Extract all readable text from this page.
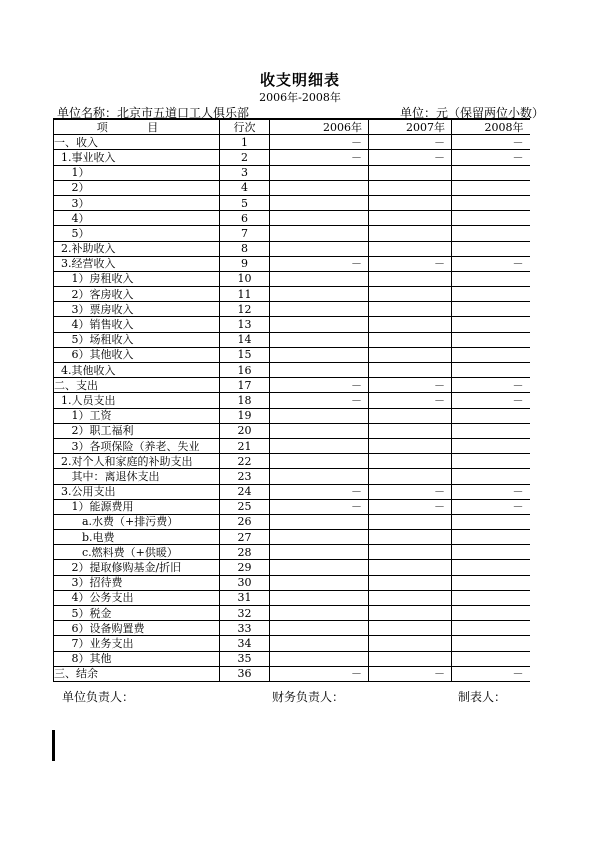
收支明细表
2006年-2008年
单位名称：北京市五道口工人俱乐部	单位：元（保留两位小数）
项 目	行次	2006年	2007年	2008年
一、收入	1	－	－	－
1.事业收入	2	－	－	－
1）	3			
2）	4			
3）	5			
4）	6			
5）	7			
2.补助收入	8			
3.经营收入	9	－	－	－
1）房租收入	10			
2）客房收入	11			
3）票房收入	12			
4）销售收入	13			
5）场租收入	14			
6）其他收入	15			
4.其他收入	16			
二、支出	17	－	－	－
1.人员支出	18	－	－	－
1）工资	19			
2）职工福利	20			
3）各项保险（养老、失业	21			
2.对个人和家庭的补助支出	22			
其中：离退休支出	23			
3.公用支出	24	－	－	－
1）能源费用	25	－	－	－
a.水费（+排污费）	26			
b.电费	27			
c.燃料费（+供暖）	28			
2）提取修购基金/折旧	29			
3）招待费	30			
4）公务支出	31			
5）税金	32			
6）设备购置费	33			
7）业务支出	34			
8）其他	35			
三、结余	36	－	－	－
单位负责人：	财务负责人：	制表人：
